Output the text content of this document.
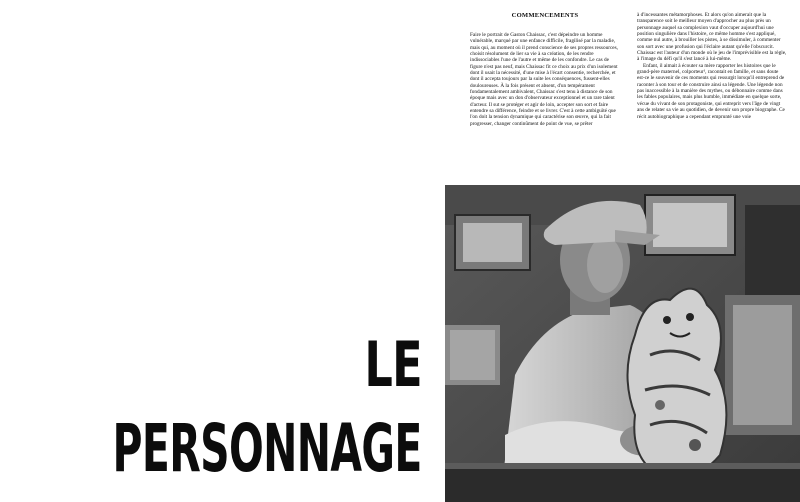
COMMENCEMENTS

Faire le portrait de Gaston Chaissac, c'est dépeindre un homme vulnérable, marqué par une enfance difficile, fragilisé par la maladie, mais qui, au moment où il prend conscience de ses propres ressources, choisit résolument de lier sa vie à sa création, de les rendre indissociables l'une de l'autre et même de les confondre. Le cas de figure n'est pas neuf, mais Chaissac fit ce choix au prix d'un isolement dont il usait la nécessité, d'une mise à l'écart consentie, recherchée, et dont il accepta toujours par la suite les conséquences, fussent-elles douloureuses. À la fois présent et absent, d'un tempérament fondamentalement ambivalent, Chaissac s'est tenu à distance de son époque mais avec un don d'observateur exceptionnel et un rare talent d'acteur. Il sut se protéger et agir de loin, accepter son sort et faire entendre sa différence, feindre et se livrer. C'est à cette ambiguïté que l'on doit la tension dynamique qui caractérise son œuvre, qui la fait progresser, changer continûment de point de vue, se prêter

à d'incessantes métamorphoses. Et alors qu'on aimerait que la transparence soit le meilleur moyen d'approcher au plus près un personnage auquel sa complexion vaut d'occuper aujourd'hui une position singulière dans l'histoire, ce même homme s'est appliqué, comme nul autre, à brouiller les pistes, à se dissimuler, à commenter son sort avec une profusion qui l'éclaire autant qu'elle l'obscurcit. Chaissac est l'auteur d'un monde où le jeu de l'imprévisible est la règle, à l'image du défi qu'il s'est lancé à lui-même.

Enfant, il aimait à écouter sa mère rapporter les histoires que le grand-père maternel, colporteur¹, racontait en famille, et sans doute est-ce le souvenir de ces moments qui ressurgit lorsqu'il entreprend de raconter à son tour et de construire ainsi sa légende. Une légende non pas inaccessible à la manière des mythes, ou débonnaire comme dans les fables populaires, mais plus humble, immédiate en quelque sorte, vécue du vivant de son protagoniste, qui entreprit vers l'âge de vingt ans de relater sa vie au quotidien, de devenir son propre biographe. Ce récit autobiographique a cependant emprunté une voie

LE
PERSONNAGE
